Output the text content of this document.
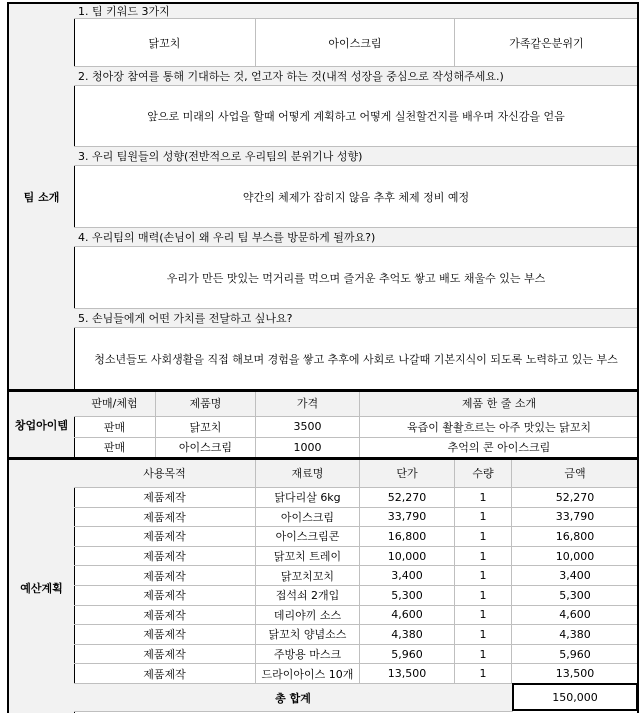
팀 소개
1. 팀 키워드 3가지
닭꼬치	아이스크림	가족같은분위기
2. 청아장 참여를 통해 기대하는 것, 얻고자 하는 것(내적 성장을 중심으로 작성해주세요.)
앞으로 미래의 사업을 할때 어떻게 계획하고 어떻게 실천할건지를 배우며 자신감을 얻음
3. 우리 팀원들의 성향(전반적으로 우리팀의 분위기나 성향)
약간의 체제가 잡히지 않음 추후 체제 정비 예정
4. 우리팀의 매력(손님이 왜 우리 팀 부스를 방문하게 될까요?)
우리가 만든 맛있는 먹거리를 먹으며 즐거운 추억도 쌓고 배도 채울수 있는 부스
5. 손님들에게 어떤 가치를 전달하고 싶나요?
청소년들도 사회생활을 직접 해보며 경험을 쌓고 추후에 사회로 나갈때 기본지식이 되도록 노력하고 있는 부스
창업아이템
판매/체험	제품명	가격	제품 한 줄 소개
판매	닭꼬치	3500	육즙이 촬촬흐르는 아주 맛있는 닭꼬치
판매	아이스크림	1000	추억의 콘 아이스크림
예산계획
사용목적	재료명	단가	수량	금액
제품제작	닭다리살 6kg	52,270	1	52,270
제품제작	아이스크림	33,790	1	33,790
제품제작	아이스크림콘	16,800	1	16,800
제품제작	닭꼬치 트레이	10,000	1	10,000
제품제작	닭꼬치꼬치	3,400	1	3,400
제품제작	접석쇠 2개입	5,300	1	5,300
제품제작	데리야끼 소스	4,600	1	4,600
제품제작	닭꼬치 양념소스	4,380	1	4,380
제품제작	주방용 마스크	5,960	1	5,960
제품제작	드라이아이스 10개	13,500	1	13,500
총 합계	150,000
